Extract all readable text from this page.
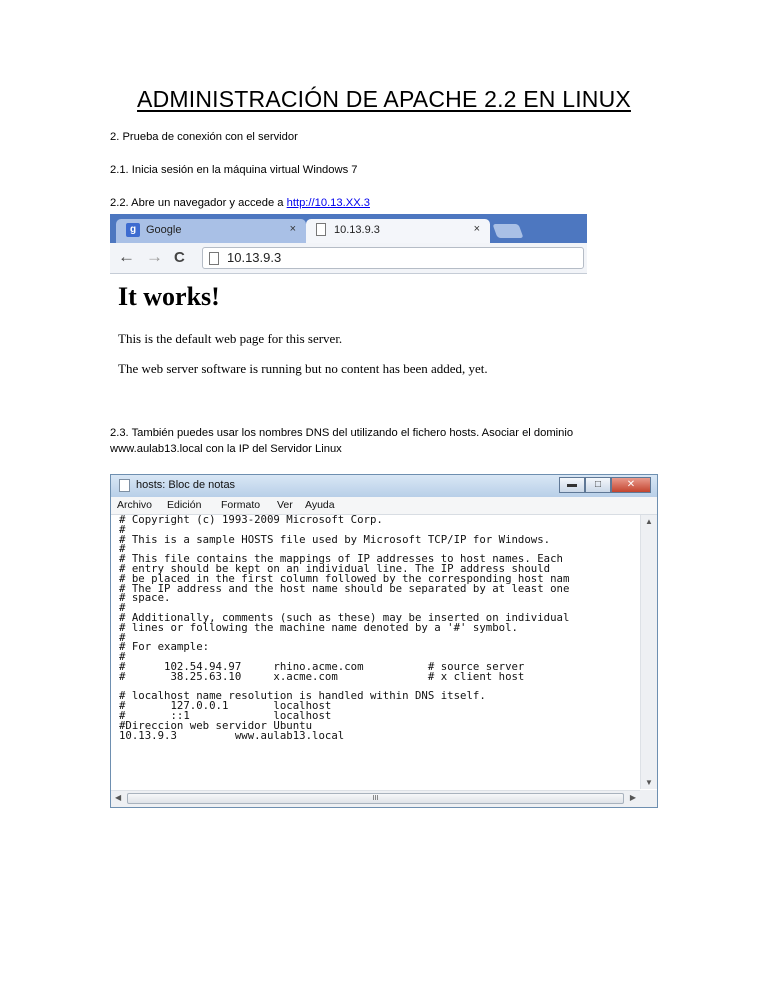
ADMINISTRACIÓN DE APACHE 2.2 EN LINUX
2. Prueba de conexión con el servidor
2.1. Inicia sesión en la máquina virtual Windows 7
2.2. Abre un navegador y accede a http://10.13.XX.3
g Google	×	10.13.9.3	×
← → C	10.13.9.3
It works!
This is the default web page for this server.
The web server software is running but no content has been added, yet.
2.3. También puedes usar los nombres DNS del utilizando el fichero hosts. Asociar el dominio
www.aulab13.local con la IP del Servidor Linux
hosts: Bloc de notas	▬	□	✕
Archivo Edición Formato Ver Ayuda
# Copyright (c) 1993-2009 Microsoft Corp.
#
# This is a sample HOSTS file used by Microsoft TCP/IP for Windows.
#
# This file contains the mappings of IP addresses to host names. Each
# entry should be kept on an individual line. The IP address should
# be placed in the first column followed by the corresponding host nam
# The IP address and the host name should be separated by at least one
# space.
#
# Additionally, comments (such as these) may be inserted on individual
# lines or following the machine name denoted by a '#' symbol.
#
# For example:
#
#      102.54.94.97     rhino.acme.com          # source server
#       38.25.63.10     x.acme.com              # x client host

# localhost name resolution is handled within DNS itself.
#       127.0.0.1       localhost
#       ::1             localhost
#Direccion web servidor Ubuntu
10.13.9.3         www.aulab13.local
▲
▼
◀	III	▶
